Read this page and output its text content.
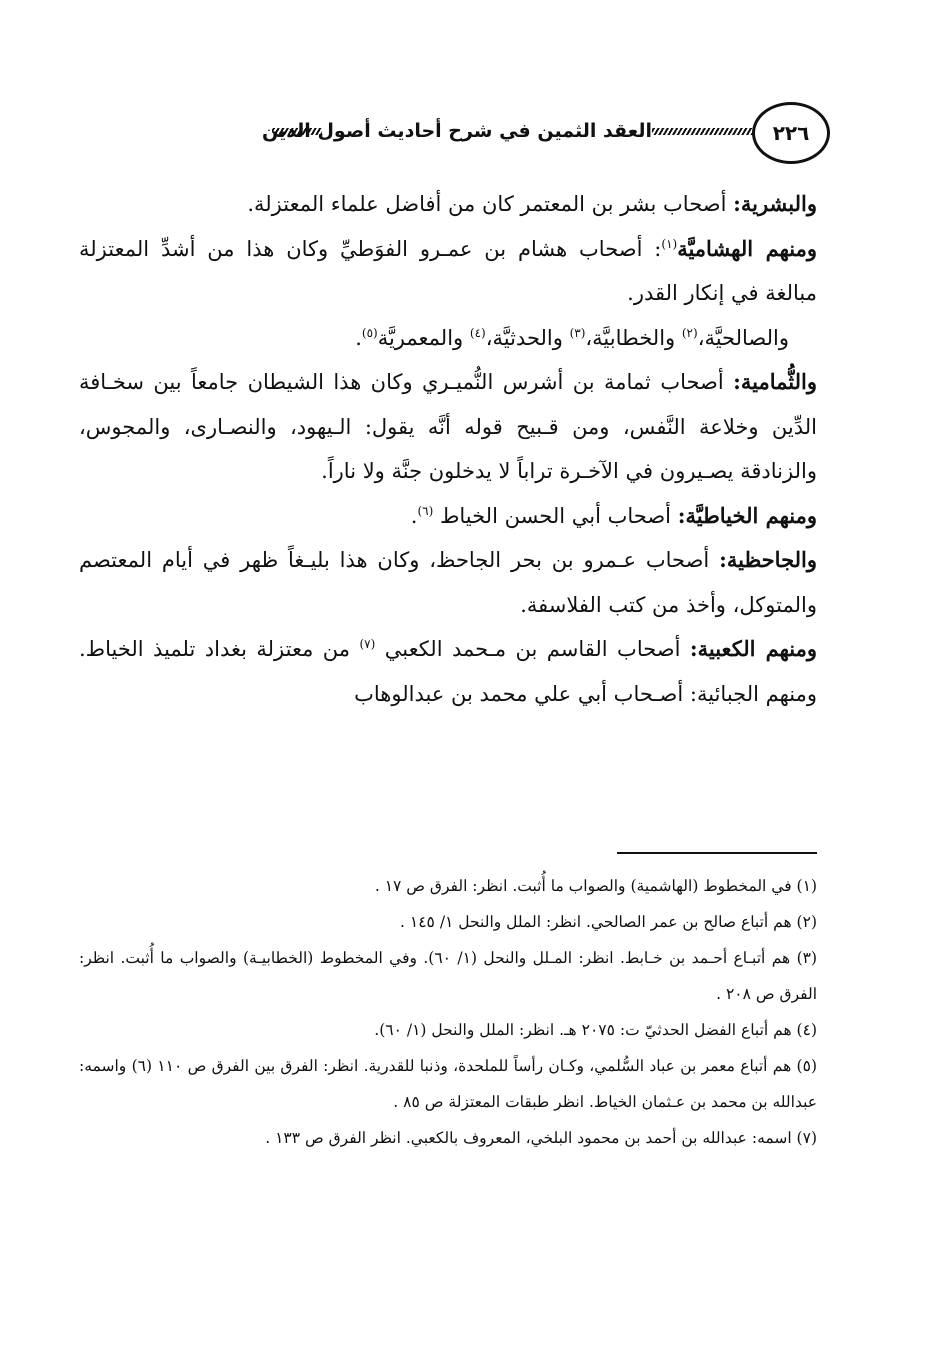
٢٢٦
العقد الثمين في شرح أحاديث أصول الدين

والبشرية: أصحاب بشر بن المعتمر كان من أفاضل علماء المعتزلة.

ومنهم الهشاميَّة$^{(١)}$: أصحاب هشام بن عمـرو الفوَطيِّ وكان هذا من أشدِّ المعتزلة مبالغة في إنكار القدر.

والصالحيَّة،$^{(٢)}$ والخطابيَّة،$^{(٣)}$ والحدثيَّة،$^{(٤)}$ والمعمريَّة$^{(٥)}$.

والثُّمامية: أصحاب ثمامة بن أشرس النُّميـري وكان هذا الشيطان جامعاً بين سخـافة الدِّين وخلاعة النَّفس، ومن قـبيح قوله أنَّه يقول: الـيهود، والنصـارى، والمجوس، والزنادقة يصـيرون في الآخـرة تراباً لا يدخلون جنَّة ولا ناراً.

ومنهم الخياطيَّة: أصحاب أبي الحسن الخياط $^{(٦)}$.

والجاحظية: أصحاب عـمرو بن بحر الجاحظ، وكان هذا بليـغاً ظهر في أيام المعتصم والمتوكل، وأخذ من كتب الفلاسفة.

ومنهم الكعبية: أصحاب القاسم بن مـحمد الكعبي $^{(٧)}$ من معتزلة بغداد تلميذ الخياط. ومنهم الجبائية: أصـحاب أبي علي محمد بن عبدالوهاب

(١) في المخطوط (الهاشمية) والصواب ما أُثبت. انظر: الفرق ص ١٧ .

(٢) هم أتباع صالح بن عمر الصالحي. انظر: الملل والنحل ١/ ١٤٥ .

(٣) هم أتبـاع أحـمد بن خـابط. انظر: المـلل والنحل (١/ ٦٠). وفي المخطوط (الخطابيـة) والصواب ما أُثبت. انظر: الفرق ص ٢٠٨ .

(٤) هم أتباع الفضل الحدثيّ ت: ٢٠٧٥ هـ. انظر: الملل والنحل (١/ ٦٠).

(٥) هم أتباع معمر بن عباد السُّلمي، وكـان رأساً للملحدة، وذنبا للقدرية. انظر: الفرق بين الفرق ص ١١٠ (٦) واسمه: عبدالله بن محمد بن عـثمان الخياط. انظر طبقات المعتزلة ص ٨٥ .

(٧) اسمه: عبدالله بن أحمد بن محمود البلخي، المعروف بالكعبي. انظر الفرق ص ١٣٣ .
